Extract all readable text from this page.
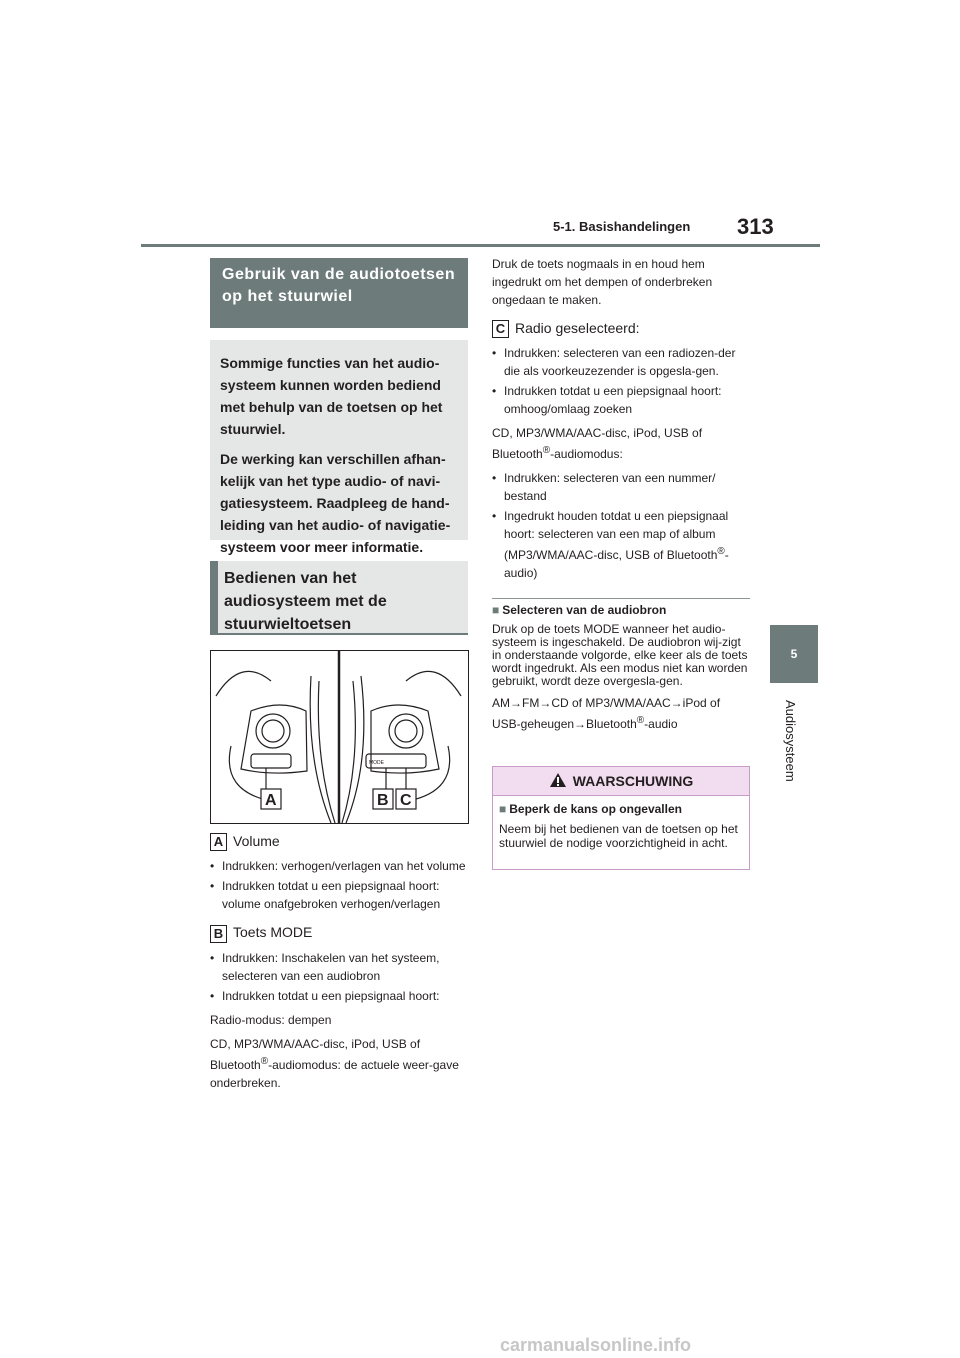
5-1. Basishandelingen 313
5
Audiosysteem
Gebruik van de audiotoetsen op het stuurwiel

Sommige functies van het audio-systeem kunnen worden bediend met behulp van de toetsen op het stuurwiel.

De werking kan verschillen afhan-kelijk van het type audio- of navi-gatiesysteem. Raadpleeg de hand-leiding van het audio- of navigatie-systeem voor meer informatie.

Bedienen van het audiosysteem met de stuurwieltoetsen
MODE
A	B C

A Volume

• Indrukken: verhogen/verlagen van het volume
• Indrukken totdat u een piepsignaal hoort: volume onafgebroken verhogen/verlagen

B Toets MODE

• Indrukken: Inschakelen van het systeem, selecteren van een audiobron
• Indrukken totdat u een piepsignaal hoort:

Radio-modus: dempen

CD, MP3/WMA/AAC-disc, iPod, USB of Bluetooth®-audiomodus: de actuele weer-gave onderbreken.

Druk de toets nogmaals in en houd hem ingedrukt om het dempen of onderbreken ongedaan te maken.

C Radio geselecteerd:

• Indrukken: selecteren van een radiozen-der die als voorkeuzezender is opgesla-gen.
• Indrukken totdat u een piepsignaal hoort: omhoog/omlaag zoeken

CD, MP3/WMA/AAC-disc, iPod, USB of Bluetooth®-audiomodus:

• Indrukken: selecteren van een nummer/ bestand
• Ingedrukt houden totdat u een piepsignaal hoort: selecteren van een map of album (MP3/WMA/AAC-disc, USB of Bluetooth®-audio)

■ Selecteren van de audiobron

Druk op de toets MODE wanneer het audio-systeem is ingeschakeld. De audiobron wij-zigt in onderstaande volgorde, elke keer als de toets wordt ingedrukt. Als een modus niet kan worden gebruikt, wordt deze overgesla-gen.

AM→FM→CD of MP3/WMA/AAC→iPod of USB-geheugen→Bluetooth®-audio

WAARSCHUWING

■ Beperk de kans op ongevallen

Neem bij het bedienen van de toetsen op het stuurwiel de nodige voorzichtigheid in acht.

carmanualsonline.info
